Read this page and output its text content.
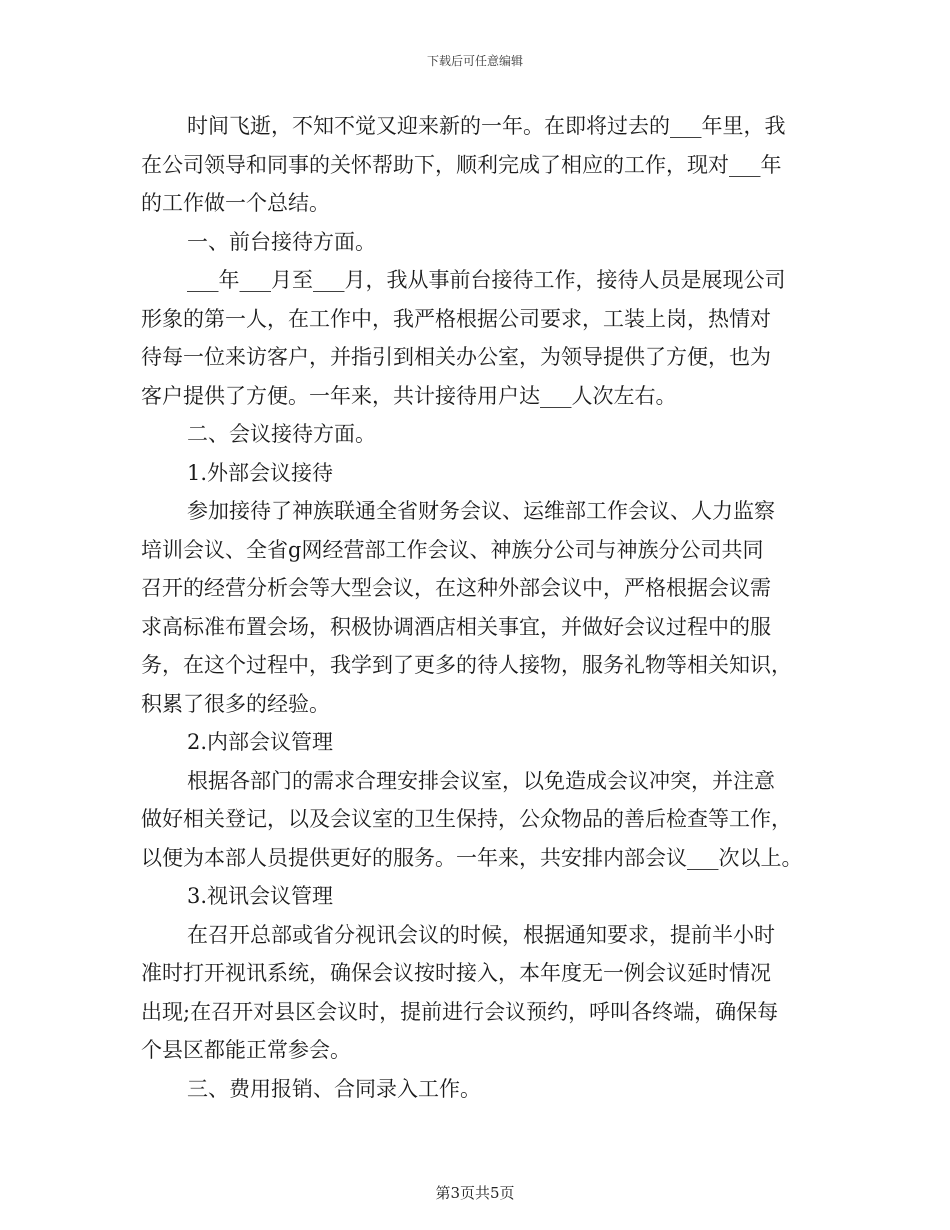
下载后可任意编辑
时间飞逝，不知不觉又迎来新的一年。在即将过去的___年里，我
在公司领导和同事的关怀帮助下，顺利完成了相应的工作，现对___年
的工作做一个总结。
一、前台接待方面。
___年___月至___月，我从事前台接待工作，接待人员是展现公司
形象的第一人，在工作中，我严格根据公司要求，工装上岗，热情对
待每一位来访客户，并指引到相关办公室，为领导提供了方便，也为
客户提供了方便。一年来，共计接待用户达___人次左右。
二、会议接待方面。
1.外部会议接待
参加接待了神族联通全省财务会议、运维部工作会议、人力监察
培训会议、全省g网经营部工作会议、神族分公司与神族分公司共同
召开的经营分析会等大型会议，在这种外部会议中，严格根据会议需
求高标准布置会场，积极协调酒店相关事宜，并做好会议过程中的服
务，在这个过程中，我学到了更多的待人接物，服务礼物等相关知识，
积累了很多的经验。
2.内部会议管理
根据各部门的需求合理安排会议室，以免造成会议冲突，并注意
做好相关登记，以及会议室的卫生保持，公众物品的善后检查等工作，
以便为本部人员提供更好的服务。一年来，共安排内部会议___次以上。
3.视讯会议管理
在召开总部或省分视讯会议的时候，根据通知要求，提前半小时
准时打开视讯系统，确保会议按时接入，本年度无一例会议延时情况
出现;在召开对县区会议时，提前进行会议预约，呼叫各终端，确保每
个县区都能正常参会。
三、费用报销、合同录入工作。
第3页共5页
